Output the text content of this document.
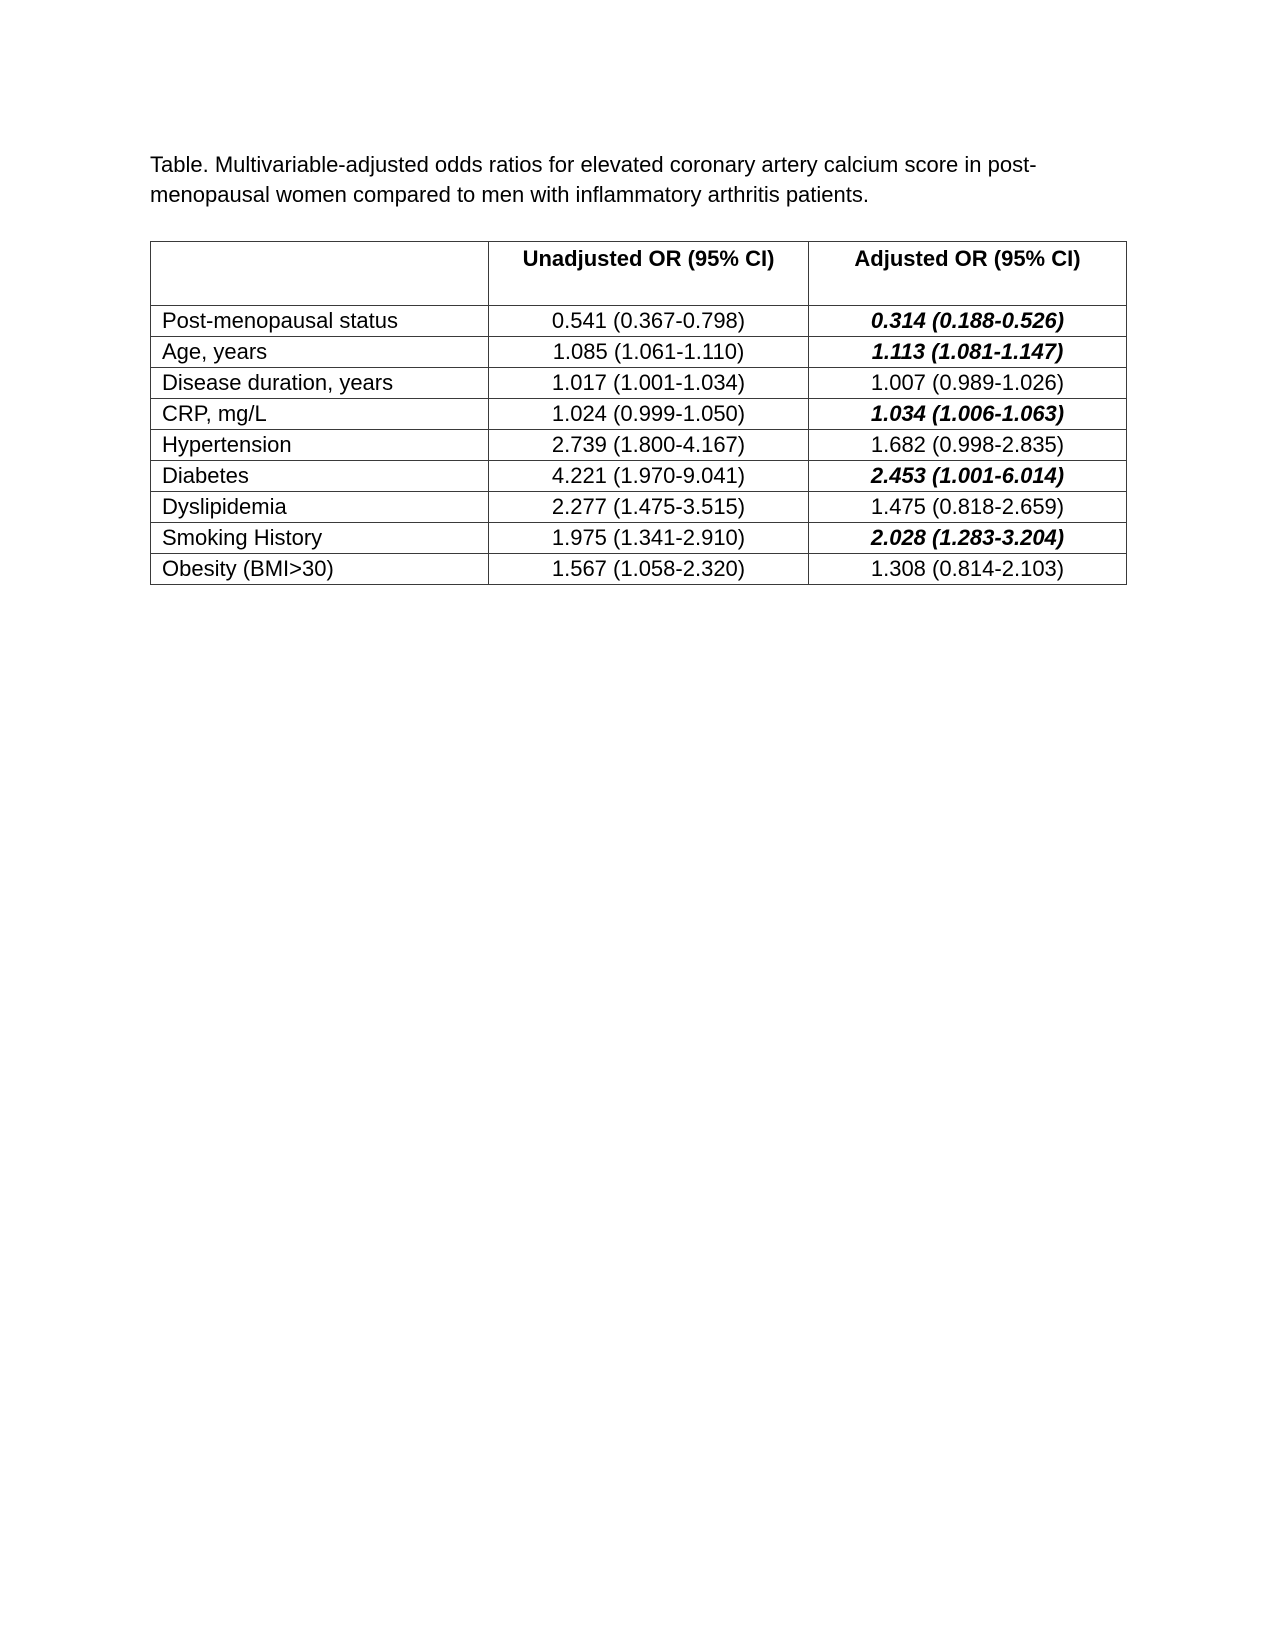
Table. Multivariable-adjusted odds ratios for elevated coronary artery calcium score in post-menopausal women compared to men with inflammatory arthritis patients.

	Unadjusted OR (95% CI)	Adjusted OR (95% CI)
Post-menopausal status	0.541 (0.367-0.798)	0.314 (0.188-0.526)
Age, years	1.085 (1.061-1.110)	1.113 (1.081-1.147)
Disease duration, years	1.017 (1.001-1.034)	1.007 (0.989-1.026)
CRP, mg/L	1.024 (0.999-1.050)	1.034 (1.006-1.063)
Hypertension	2.739 (1.800-4.167)	1.682 (0.998-2.835)
Diabetes	4.221 (1.970-9.041)	2.453 (1.001-6.014)
Dyslipidemia	2.277 (1.475-3.515)	1.475 (0.818-2.659)
Smoking History	1.975 (1.341-2.910)	2.028 (1.283-3.204)
Obesity (BMI>30)	1.567 (1.058-2.320)	1.308 (0.814-2.103)
